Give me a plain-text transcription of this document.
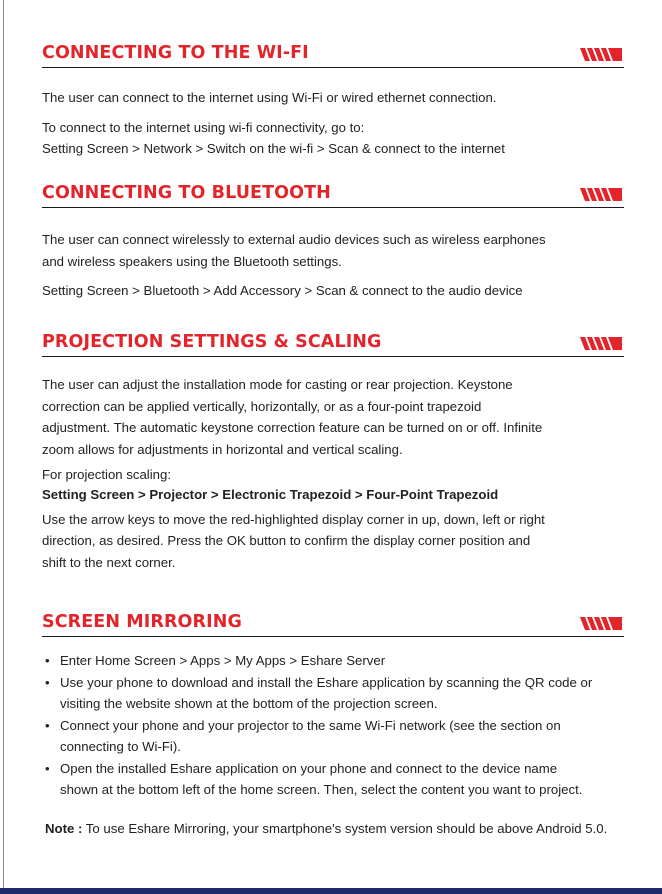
CONNECTING TO THE WI-FI

The user can connect to the internet using Wi-Fi or wired ethernet connection.

To connect to the internet using wi-fi connectivity, go to:

Setting Screen > Network > Switch on the wi-fi > Scan & connect to the internet

CONNECTING TO BLUETOOTH

The user can connect wirelessly to external audio devices such as wireless earphones

and wireless speakers using the Bluetooth settings.

Setting Screen > Bluetooth > Add Accessory > Scan & connect to the audio device

PROJECTION SETTINGS & SCALING

The user can adjust the installation mode for casting or rear projection. Keystone

correction can be applied vertically, horizontally, or as a four-point trapezoid

adjustment. The automatic keystone correction feature can be turned on or off. Infinite

zoom allows for adjustments in horizontal and vertical scaling.

For projection scaling:

Setting Screen > Projector > Electronic Trapezoid > Four-Point Trapezoid

Use the arrow keys to move the red-highlighted display corner in up, down, left or right

direction, as desired. Press the OK button to confirm the display corner position and

shift to the next corner.

SCREEN MIRRORING
• Enter Home Screen > Apps > My Apps > Eshare Server
• Use your phone to download and install the Eshare application by scanning the QR code or
visiting the website shown at the bottom of the projection screen.
• Connect your phone and your projector to the same Wi-Fi network (see the section on
connecting to Wi-Fi).
• Open the installed Eshare application on your phone and connect to the device name
shown at the bottom left of the home screen. Then, select the content you want to project.
Note : To use Eshare Mirroring, your smartphone's system version should be above Android 5.0.
